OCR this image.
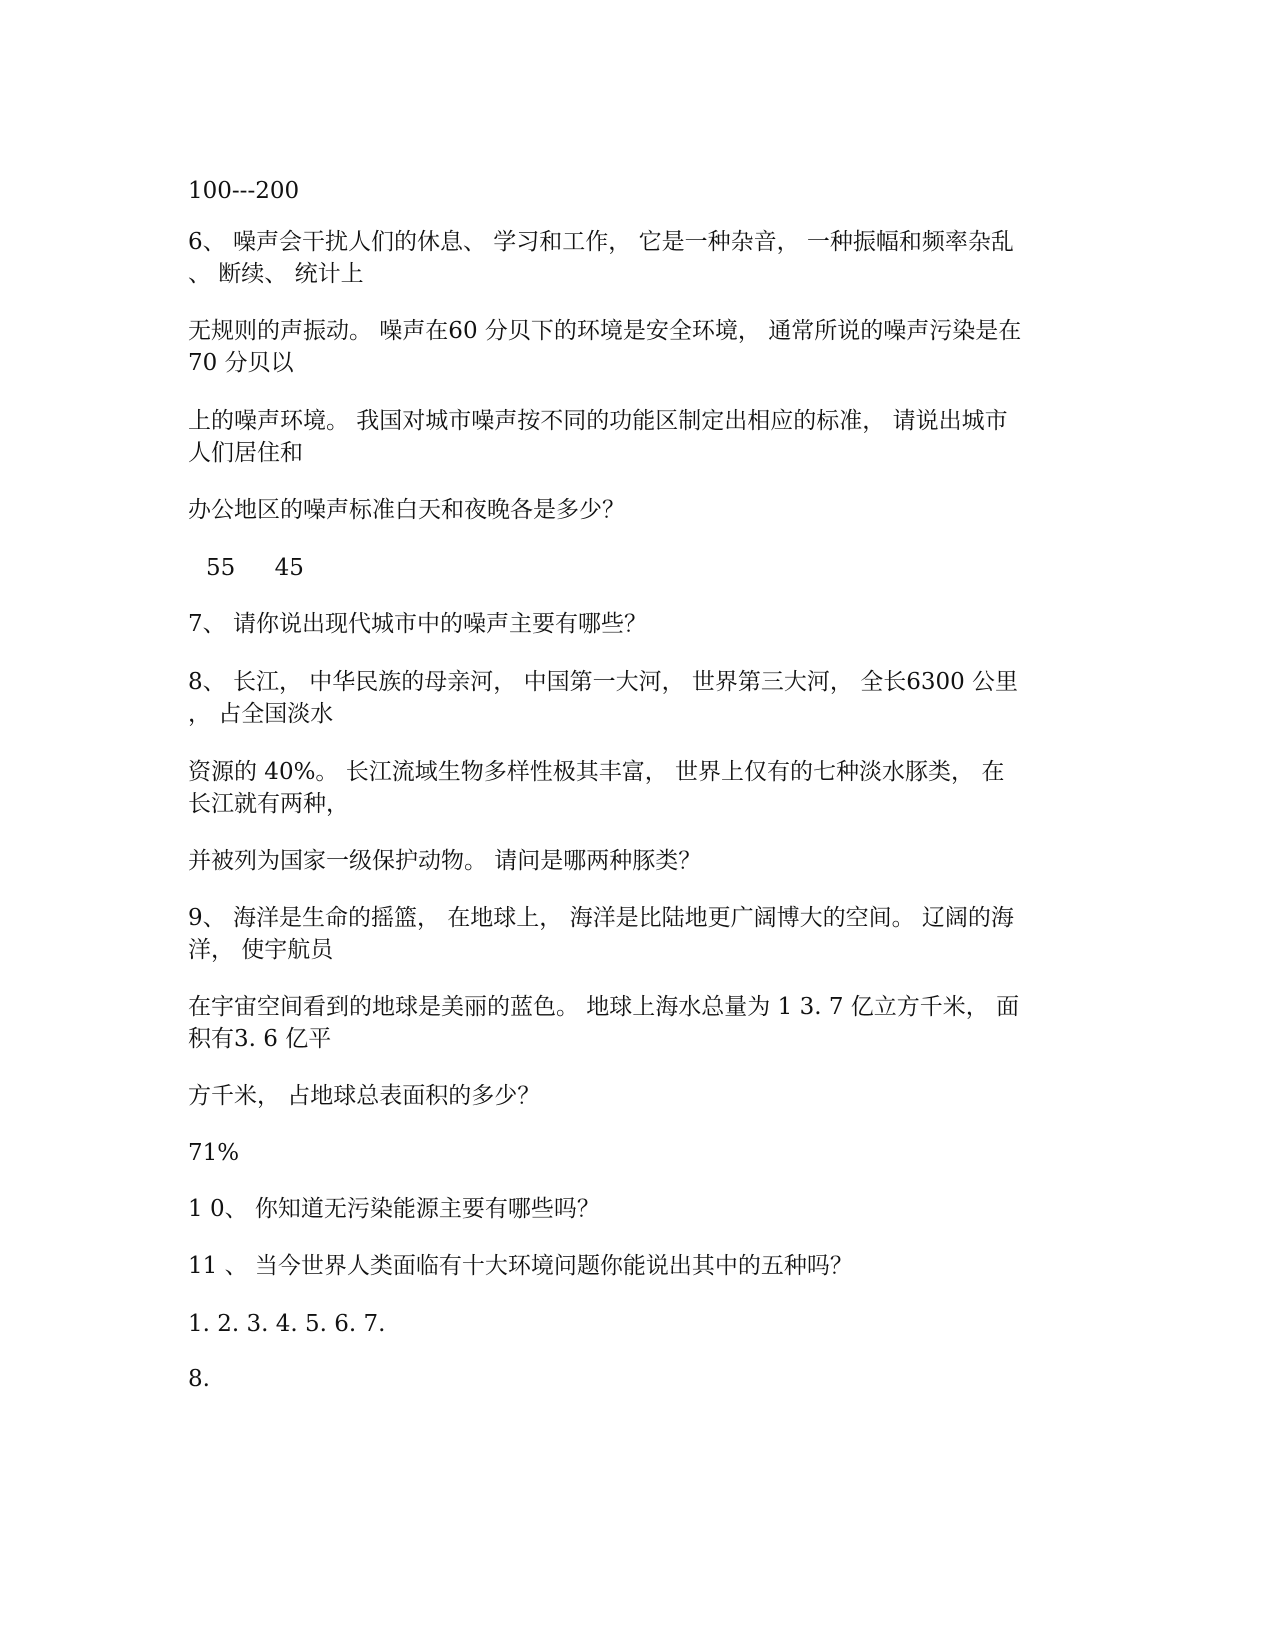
100---200
6、 噪声会干扰人们的休息、 学习和工作， 它是一种杂音， 一种振幅和频率杂乱
、 断续、 统计上
无规则的声振动。 噪声在60 分贝下的环境是安全环境， 通常所说的噪声污染是在
70 分贝以
上的噪声环境。 我国对城市噪声按不同的功能区制定出相应的标准， 请说出城市
人们居住和
办公地区的噪声标准白天和夜晚各是多少？
55 45
7、 请你说出现代城市中的噪声主要有哪些？
8、 长江， 中华民族的母亲河， 中国第一大河， 世界第三大河， 全长6300 公里
， 占全国淡水
资源的 40%。 长江流域生物多样性极其丰富， 世界上仅有的七种淡水豚类， 在
长江就有两种，
并被列为国家一级保护动物。 请问是哪两种豚类？
9、 海洋是生命的摇篮， 在地球上， 海洋是比陆地更广阔博大的空间。 辽阔的海
洋， 使宇航员
在宇宙空间看到的地球是美丽的蓝色。 地球上海水总量为 1 3. 7 亿立方千米， 面
积有3. 6 亿平
方千米， 占地球总表面积的多少？
71%
1 0、 你知道无污染能源主要有哪些吗？
11 、 当今世界人类面临有十大环境问题你能说出其中的五种吗？
1. 2. 3. 4. 5. 6. 7.
8.
